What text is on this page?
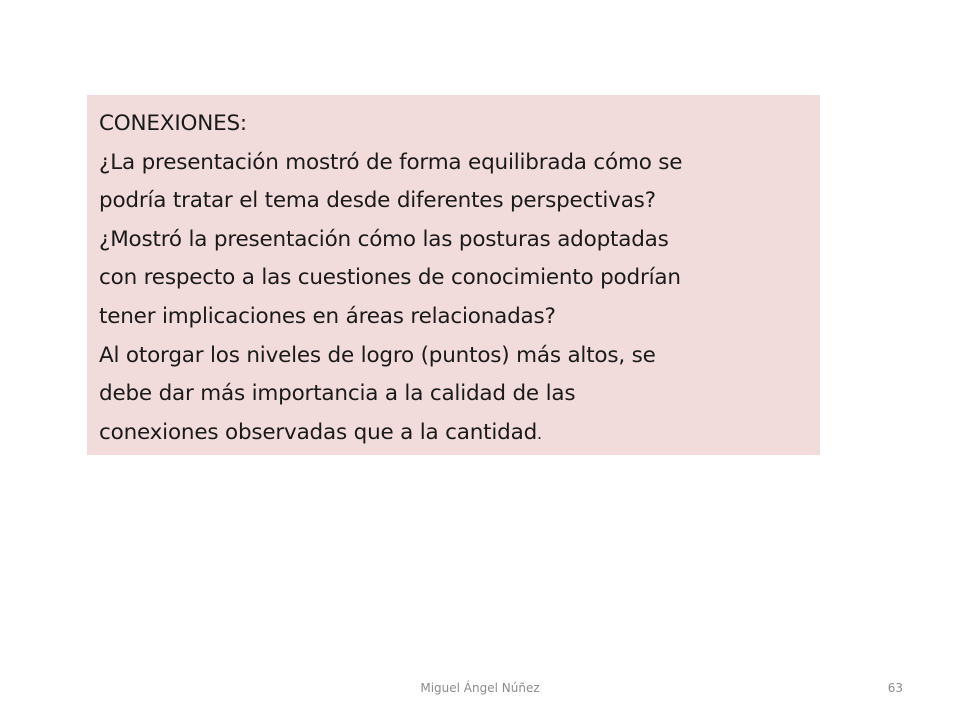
CONEXIONES:

¿La presentación mostró de forma equilibrada cómo se

podría tratar el tema desde diferentes perspectivas?

¿Mostró la presentación cómo las posturas adoptadas

con respecto a las cuestiones de conocimiento podrían

tener implicaciones en áreas relacionadas?

Al otorgar los niveles de logro (puntos) más altos, se

debe dar más importancia a la calidad de las

conexiones observadas que a la cantidad.

Miguel Ángel Núñez	63
